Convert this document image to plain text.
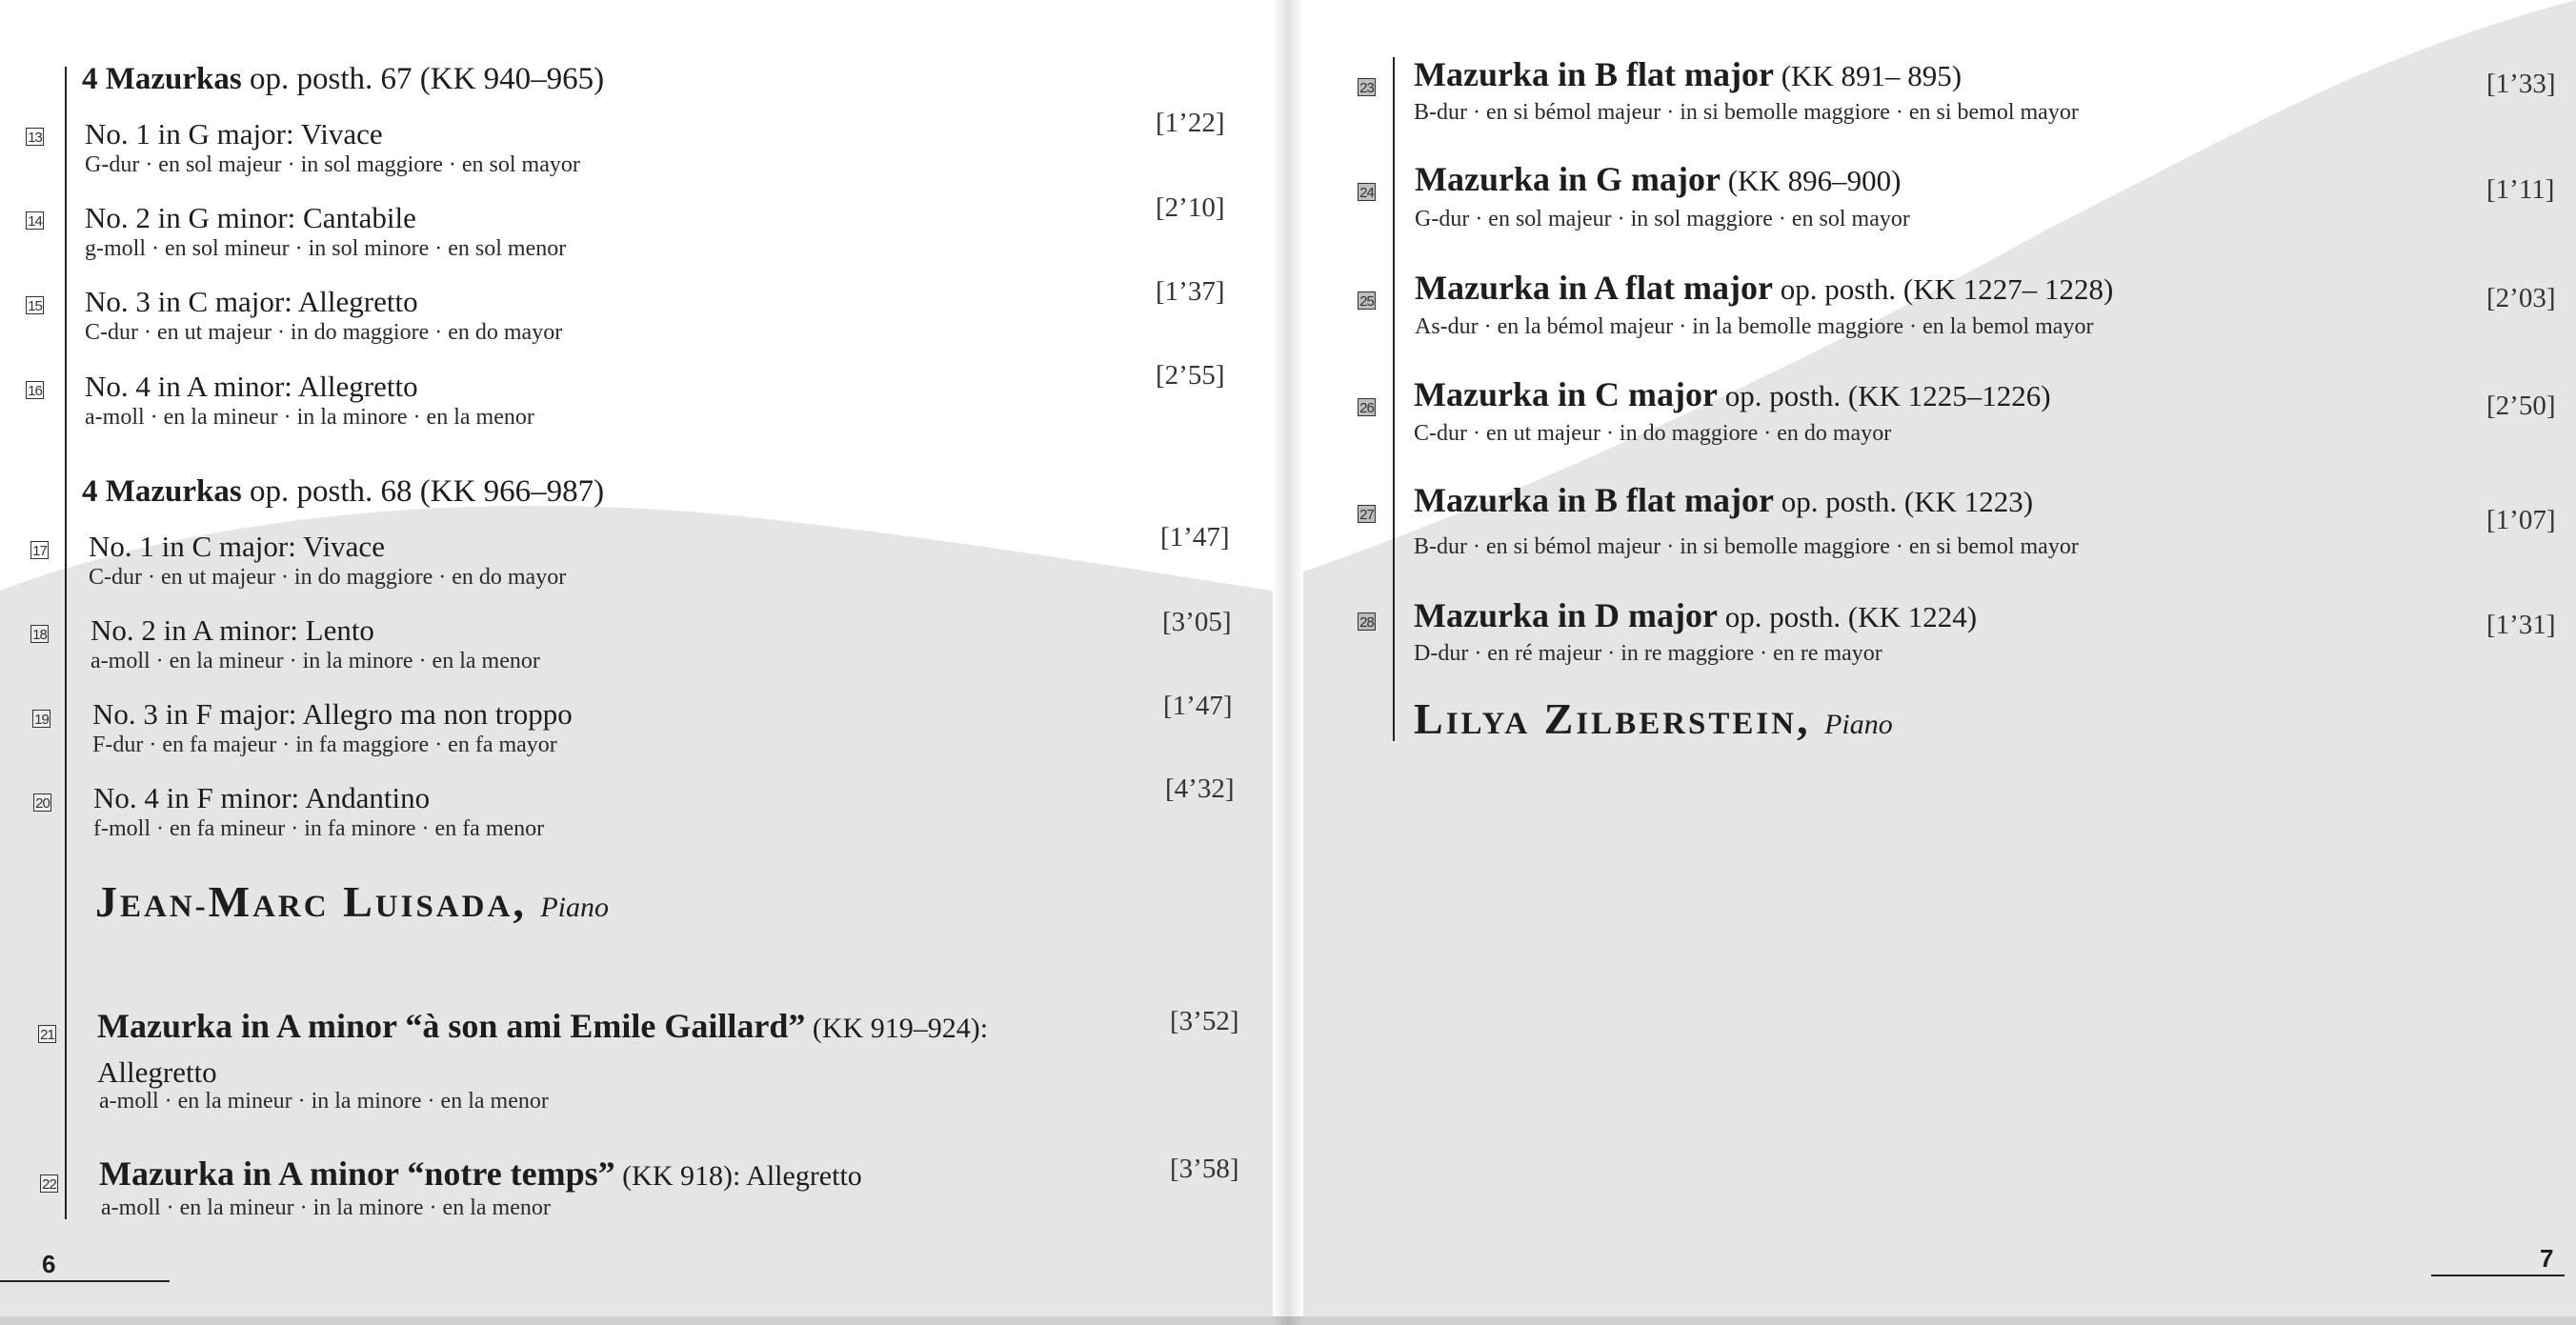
4 Mazurkas op. posth. 67 (KK 940–965)
13 No. 1 in G major: Vivace
G-dur · en sol majeur · in sol maggiore · en sol mayor
[1’22]
14 No. 2 in G minor: Cantabile
g-moll · en sol mineur · in sol minore · en sol menor
[2’10]
15 No. 3 in C major: Allegretto
C-dur · en ut majeur · in do maggiore · en do mayor
[1’37]
16 No. 4 in A minor: Allegretto
a-moll · en la mineur · in la minore · en la menor
[2’55]
4 Mazurkas op. posth. 68 (KK 966–987)
17 No. 1 in C major: Vivace
C-dur · en ut majeur · in do maggiore · en do mayor
[1’47]
18 No. 2 in A minor: Lento
a-moll · en la mineur · in la minore · en la menor
[3’05]
19 No. 3 in F major: Allegro ma non troppo
F-dur · en fa majeur · in fa maggiore · en fa mayor
[1’47]
20 No. 4 in F minor: Andantino
f-moll · en fa mineur · in fa minore · en fa menor
[4’32]
JEAN-MARC LUISADA, Piano
21 Mazurka in A minor “à son ami Emile Gaillard” (KK 919–924):
Allegretto
a-moll · en la mineur · in la minore · en la menor
[3’52]
22 Mazurka in A minor “notre temps” (KK 918): Allegretto
a-moll · en la mineur · in la minore · en la menor
[3’58]
6
23 Mazurka in B flat major (KK 891– 895)
B-dur · en si bémol majeur · in si bemolle maggiore · en si bemol mayor
[1’33]
24 Mazurka in G major (KK 896–900)
G-dur · en sol majeur · in sol maggiore · en sol mayor
[1’11]
25 Mazurka in A flat major op. posth. (KK 1227– 1228)
As-dur · en la bémol majeur · in la bemolle maggiore · en la bemol mayor
[2’03]
26 Mazurka in C major op. posth. (KK 1225–1226)
C-dur · en ut majeur · in do maggiore · en do mayor
[2’50]
27 Mazurka in B flat major op. posth. (KK 1223)
B-dur · en si bémol majeur · in si bemolle maggiore · en si bemol mayor
[1’07]
28 Mazurka in D major op. posth. (KK 1224)
D-dur · en ré majeur · in re maggiore · en re mayor
[1’31]
LILYA ZILBERSTEIN, Piano
7
